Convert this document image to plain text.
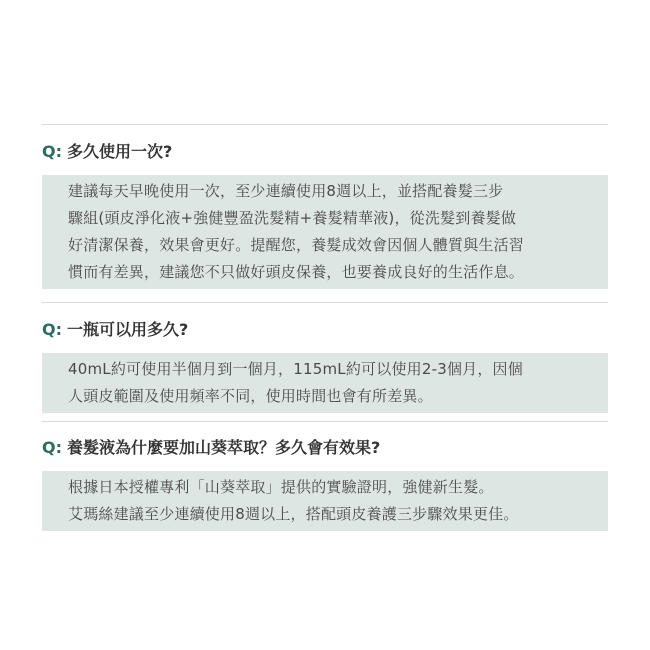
Q: 多久使用一次?
建議每天早晚使用一次，至少連續使用8週以上，並搭配養髮三步
驟組(頭皮淨化液+強健豐盈洗髮精+養髮精華液)，從洗髮到養髮做
好清潔保養，效果會更好。提醒您，養髮成效會因個人體質與生活習
慣而有差異，建議您不只做好頭皮保養，也要養成良好的生活作息。
Q: 一瓶可以用多久?
40mL約可使用半個月到一個月，115mL約可以使用2-3個月，因個
人頭皮範圍及使用頻率不同，使用時間也會有所差異。
Q: 養髮液為什麼要加山葵萃取？多久會有效果?
根據日本授權專利「山葵萃取」提供的實驗證明，強健新生髮。
艾瑪絲建議至少連續使用8週以上，搭配頭皮養護三步驟效果更佳。
